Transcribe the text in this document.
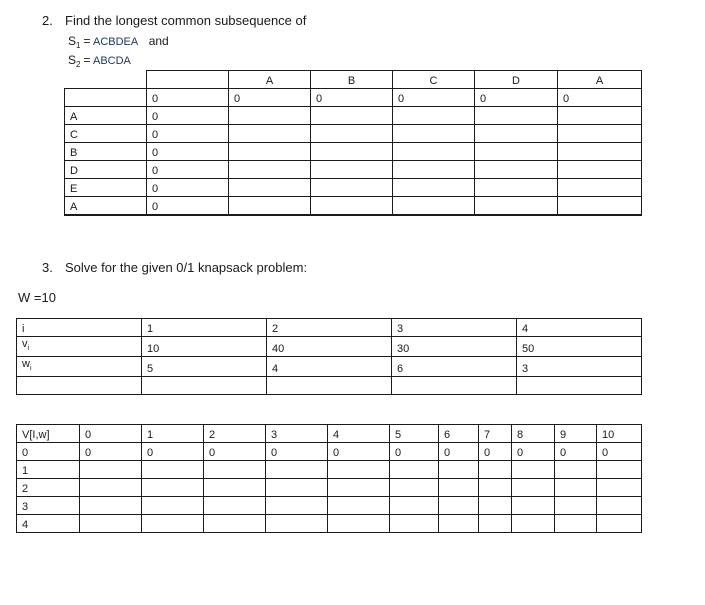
2. Find the longest common subsequence of
$S_1$ = ACBDEA and
$S_2$ = ABCDA
		A	B	C	D	A
	0	0	0	0	0	0
A	0					
C	0					
B	0					
D	0					
E	0					
A	0					
3. Solve for the given 0/1 knapsack problem:
W =10
i	1	2	3	4
$v_i$	10	40	30	50
$w_i$	5	4	6	3

V[I,w]	0	1	2	3	4	5	6	7	8	9	10
0	0	0	0	0	0	0	0	0	0	0	0
1											
2											
3											
4											
